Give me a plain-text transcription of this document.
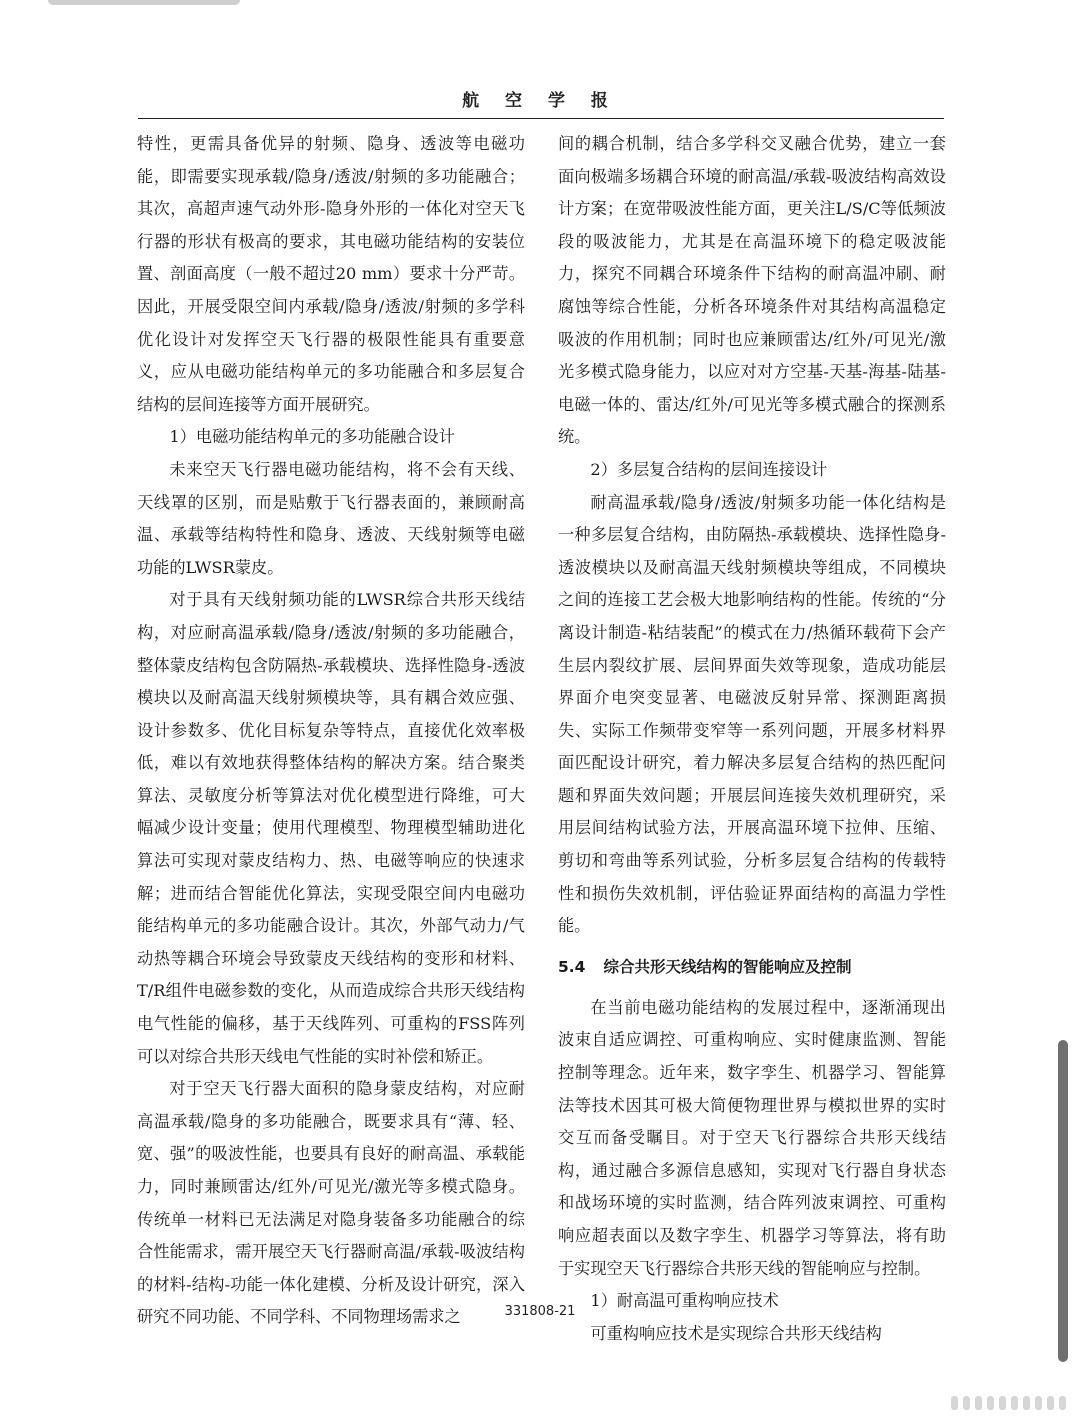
航 空 学 报

特性，更需具备优异的射频、隐身、透波等电磁功能，即需要实现承载/隐身/透波/射频的多功能融合；其次，高超声速气动外形-隐身外形的一体化对空天飞行器的形状有极高的要求，其电磁功能结构的安装位置、剖面高度（一般不超过20 mm）要求十分严苛。因此，开展受限空间内承载/隐身/透波/射频的多学科优化设计对发挥空天飞行器的极限性能具有重要意义，应从电磁功能结构单元的多功能融合和多层复合结构的层间连接等方面开展研究。

1）电磁功能结构单元的多功能融合设计

未来空天飞行器电磁功能结构，将不会有天线、天线罩的区别，而是贴敷于飞行器表面的，兼顾耐高温、承载等结构特性和隐身、透波、天线射频等电磁功能的LWSR蒙皮。

对于具有天线射频功能的LWSR综合共形天线结构，对应耐高温承载/隐身/透波/射频的多功能融合，整体蒙皮结构包含防隔热-承载模块、选择性隐身-透波模块以及耐高温天线射频模块等，具有耦合效应强、设计参数多、优化目标复杂等特点，直接优化效率极低，难以有效地获得整体结构的解决方案。结合聚类算法、灵敏度分析等算法对优化模型进行降维，可大幅减少设计变量；使用代理模型、物理模型辅助进化算法可实现对蒙皮结构力、热、电磁等响应的快速求解；进而结合智能优化算法，实现受限空间内电磁功能结构单元的多功能融合设计。其次，外部气动力/气动热等耦合环境会导致蒙皮天线结构的变形和材料、T/R组件电磁参数的变化，从而造成综合共形天线结构电气性能的偏移，基于天线阵列、可重构的FSS阵列可以对综合共形天线电气性能的实时补偿和矫正。

对于空天飞行器大面积的隐身蒙皮结构，对应耐高温承载/隐身的多功能融合，既要求具有“薄、轻、宽、强”的吸波性能，也要具有良好的耐高温、承载能力，同时兼顾雷达/红外/可见光/激光等多模式隐身。传统单一材料已无法满足对隐身装备多功能融合的综合性能需求，需开展空天飞行器耐高温/承载-吸波结构的材料-结构-功能一体化建模、分析及设计研究，深入研究不同功能、不同学科、不同物理场需求之

间的耦合机制，结合多学科交叉融合优势，建立一套面向极端多场耦合环境的耐高温/承载-吸波结构高效设计方案；在宽带吸波性能方面，更关注L/S/C等低频波段的吸波能力，尤其是在高温环境下的稳定吸波能力，探究不同耦合环境条件下结构的耐高温冲刷、耐腐蚀等综合性能，分析各环境条件对其结构高温稳定吸波的作用机制；同时也应兼顾雷达/红外/可见光/激光多模式隐身能力，以应对对方空基-天基-海基-陆基-电磁一体的、雷达/红外/可见光等多模式融合的探测系统。

2）多层复合结构的层间连接设计

耐高温承载/隐身/透波/射频多功能一体化结构是一种多层复合结构，由防隔热-承载模块、选择性隐身-透波模块以及耐高温天线射频模块等组成，不同模块之间的连接工艺会极大地影响结构的性能。传统的“分离设计制造-粘结装配”的模式在力/热循环载荷下会产生层内裂纹扩展、层间界面失效等现象，造成功能层界面介电突变显著、电磁波反射异常、探测距离损失、实际工作频带变窄等一系列问题，开展多材料界面匹配设计研究，着力解决多层复合结构的热匹配问题和界面失效问题；开展层间连接失效机理研究，采用层间结构试验方法，开展高温环境下拉伸、压缩、剪切和弯曲等系列试验，分析多层复合结构的传载特性和损伤失效机制，评估验证界面结构的高温力学性能。

5.4 综合共形天线结构的智能响应及控制

在当前电磁功能结构的发展过程中，逐渐涌现出波束自适应调控、可重构响应、实时健康监测、智能控制等理念。近年来，数字孪生、机器学习、智能算法等技术因其可极大简便物理世界与模拟世界的实时交互而备受瞩目。对于空天飞行器综合共形天线结构，通过融合多源信息感知，实现对飞行器自身状态和战场环境的实时监测，结合阵列波束调控、可重构响应超表面以及数字孪生、机器学习等算法，将有助于实现空天飞行器综合共形天线的智能响应与控制。

1）耐高温可重构响应技术

可重构响应技术是实现综合共形天线结构

331808-21
